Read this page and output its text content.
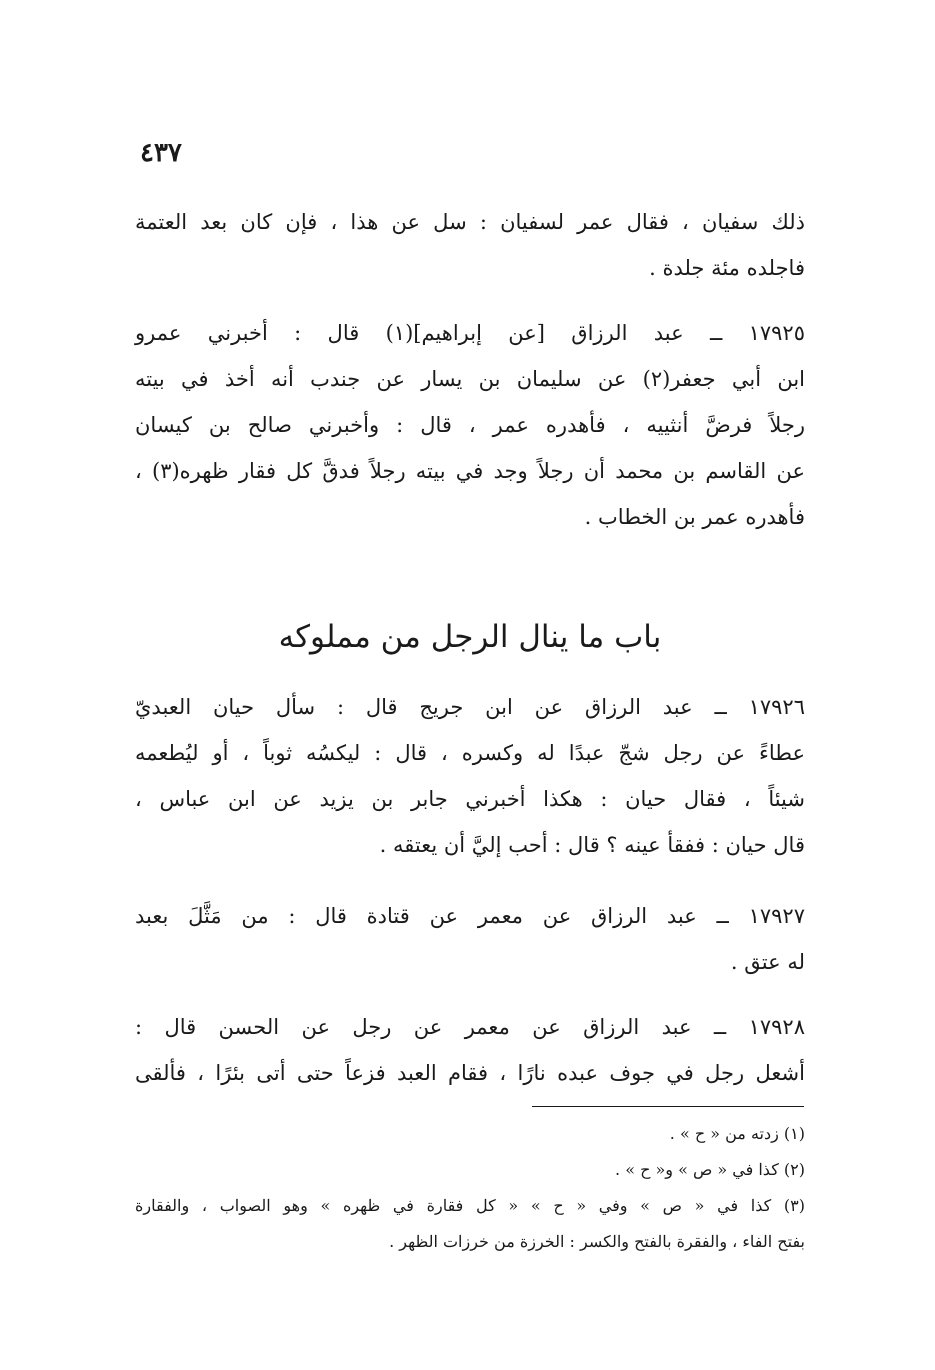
٤٣٧
ذلك سفيان ، فقال عمر لسفيان : سل عن هذا ، فإن كان بعد العتمة
فاجلده مئة جلدة .
١٧٩٢٥ ــ عبد الرزاق [عن إبراهيم](١) قال : أخبرني عمرو
ابن أبي جعفر(٢) عن سليمان بن يسار عن جندب أنه أخذ في بيته
رجلاً فرضَّ أنثييه ، فأهدره عمر ، قال : وأخبرني صالح بن كيسان
عن القاسم بن محمد أن رجلاً وجد في بيته رجلاً فدقَّ كل فقار ظهره(٣) ،
فأهدره عمر بن الخطاب .
باب ما ينال الرجل من مملوكه
١٧٩٢٦ ــ عبد الرزاق عن ابن جريج قال : سأل حيان العبديّ
عطاءً عن رجل شجّ عبدًا له وكسره ، قال : ليكسُه ثوباً ، أو ليُطعمه
شيئاً ، فقال حيان : هكذا أخبرني جابر بن يزيد عن ابن عباس ،
قال حيان : ففقأ عينه ؟ قال : أحب إليَّ أن يعتقه .
١٧٩٢٧ ــ عبد الرزاق عن معمر عن قتادة قال : من مَثَّلَ بعبد
له عتق .
١٧٩٢٨ ــ عبد الرزاق عن معمر عن رجل عن الحسن قال :
أشعل رجل في جوف عبده نارًا ، فقام العبد فزعاً حتى أتى بئرًا ، فألقى
(١) زدته من « ح » .
(٢) كذا في « ص » و« ح » .
(٣) كذا في « ص » وفي « ح » « كل فقارة في ظهره » وهو الصواب ، والفقارة
بفتح الفاء ، والفقرة بالفتح والكسر : الخرزة من خرزات الظهر .
